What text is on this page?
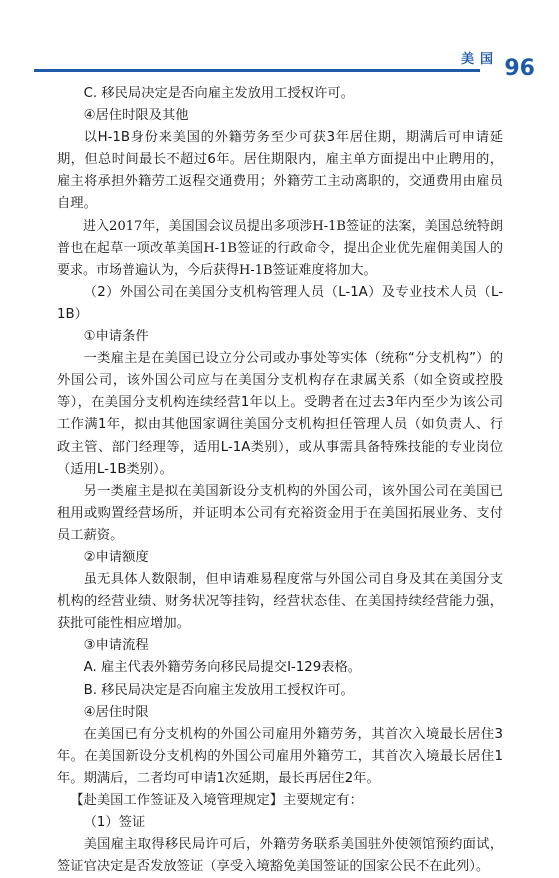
美国 96

C. 移民局决定是否向雇主发放用工授权许可。

④居住时限及其他

以H-1B身份来美国的外籍劳务至少可获3年居住期，期满后可申请延期，但总时间最长不超过6年。居住期限内，雇主单方面提出中止聘用的，雇主将承担外籍劳工返程交通费用；外籍劳工主动离职的，交通费用由雇员自理。

进入2017年，美国国会议员提出多项涉H-1B签证的法案，美国总统特朗普也在起草一项改革美国H-1B签证的行政命令，提出企业优先雇佣美国人的要求。市场普遍认为，今后获得H-1B签证难度将加大。

（2）外国公司在美国分支机构管理人员（L-1A）及专业技术人员（L-1B）

①申请条件

一类雇主是在美国已设立分公司或办事处等实体（统称“分支机构”）的外国公司，该外国公司应与在美国分支机构存在隶属关系（如全资或控股等），在美国分支机构连续经营1年以上。受聘者在过去3年内至少为该公司工作满1年，拟由其他国家调往美国分支机构担任管理人员（如负责人、行政主管、部门经理等，适用L-1A类别），或从事需具备特殊技能的专业岗位（适用L-1B类别）。

另一类雇主是拟在美国新设分支机构的外国公司，该外国公司在美国已租用或购置经营场所，并证明本公司有充裕资金用于在美国拓展业务、支付员工薪资。

②申请额度

虽无具体人数限制，但申请难易程度常与外国公司自身及其在美国分支机构的经营业绩、财务状况等挂钩，经营状态佳、在美国持续经营能力强，获批可能性相应增加。

③申请流程

A. 雇主代表外籍劳务向移民局提交I-129表格。

B. 移民局决定是否向雇主发放用工授权许可。

④居住时限

在美国已有分支机构的外国公司雇用外籍劳务，其首次入境最长居住3年。在美国新设分支机构的外国公司雇用外籍劳工，其首次入境最长居住1年。期满后，二者均可申请1次延期，最长再居住2年。

【赴美国工作签证及入境管理规定】主要规定有：

（1）签证

美国雇主取得移民局许可后，外籍劳务联系美国驻外使领馆预约面试，签证官决定是否发放签证（享受入境豁免美国签证的国家公民不在此列）。
